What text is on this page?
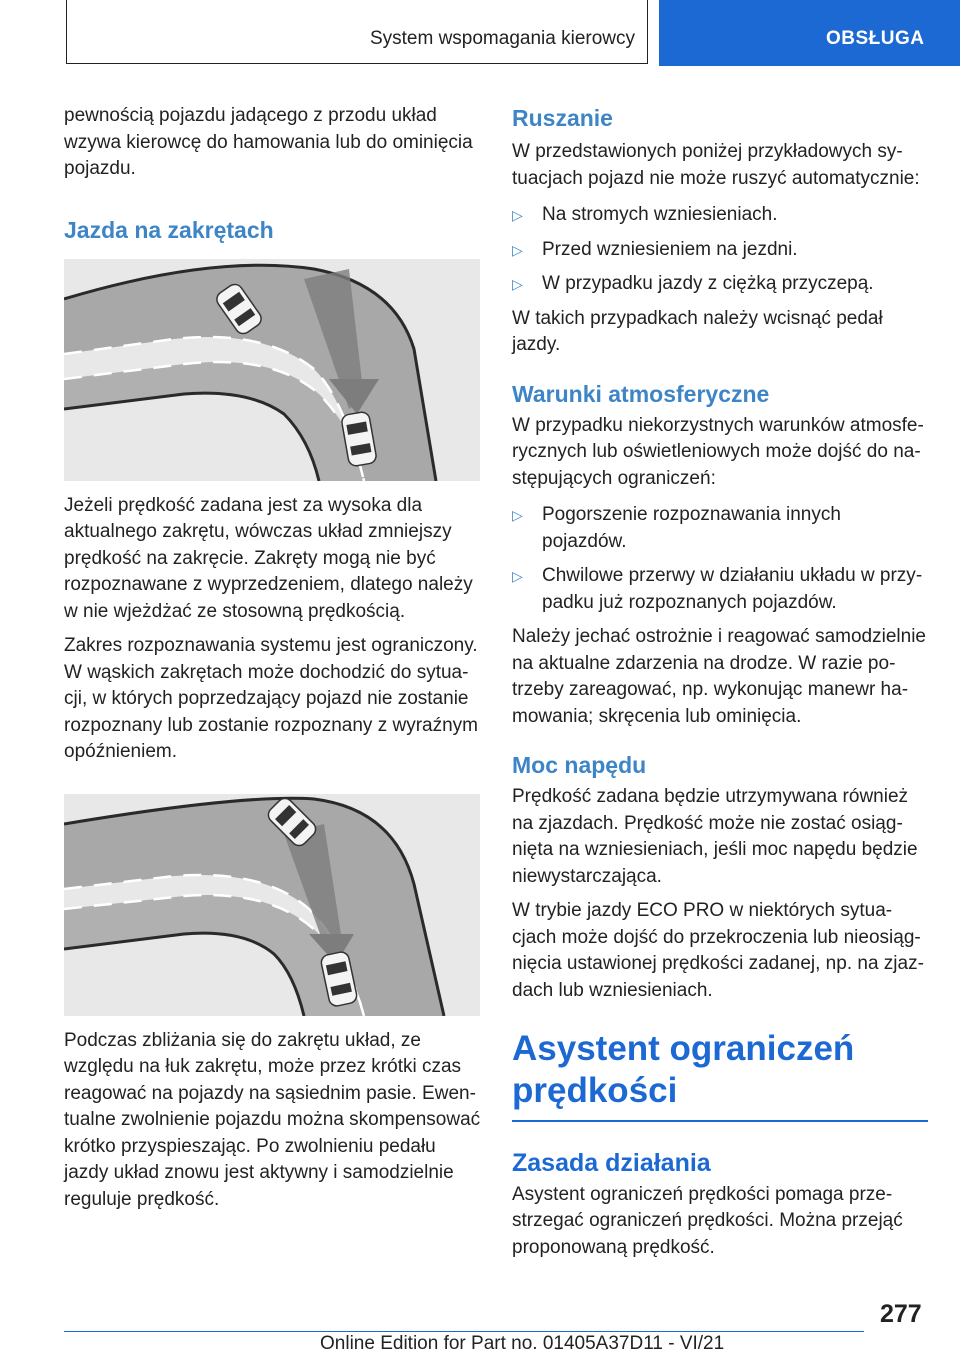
System wspomagania kierowcy	OBSŁUGA

pewnością pojazdu jadącego z przodu układ wzywa kierowcę do hamowania lub do ominięcia pojazdu.

Jazda na zakrętach

Jeżeli prędkość zadana jest za wysoka dla aktualnego zakrętu, wówczas układ zmniejszy prędkość na zakręcie. Zakręty mogą nie być rozpoznawane z wyprzedzeniem, dlatego należy w nie wjeżdżać ze stosowną prędkością.

Zakres rozpoznawania systemu jest ograniczony. W wąskich zakrętach może dochodzić do sytuacji, w których poprzedzający pojazd nie zostanie rozpoznany lub zostanie rozpoznany z wyraźnym opóźnieniem.

Podczas zbliżania się do zakrętu układ, ze względu na łuk zakrętu, może przez krótki czas reagować na pojazdy na sąsiednim pasie. Ewentualne zwolnienie pojazdu można skompensować krótko przyspieszając. Po zwolnieniu pedału jazdy układ znowu jest aktywny i samodzielnie reguluje prędkość.

Ruszanie

W przedstawionych poniżej przykładowych sytuacjach pojazd nie może ruszyć automatycznie:

▷ Na stromych wzniesieniach.
▷ Przed wzniesieniem na jezdni.
▷ W przypadku jazdy z ciężką przyczepą.

W takich przypadkach należy wcisnąć pedał jazdy.

Warunki atmosferyczne

W przypadku niekorzystnych warunków atmosferycznych lub oświetleniowych może dojść do następujących ograniczeń:

▷ Pogorszenie rozpoznawania innych pojazdów.
▷ Chwilowe przerwy w działaniu układu w przypadku już rozpoznanych pojazdów.

Należy jechać ostrożnie i reagować samodzielnie na aktualne zdarzenia na drodze. W razie potrzeby zareagować, np. wykonując manewr hamowania; skręcenia lub ominięcia.

Moc napędu

Prędkość zadana będzie utrzymywana również na zjazdach. Prędkość może nie zostać osiągnięta na wzniesieniach, jeśli moc napędu będzie niewystarczająca.

W trybie jazdy ECO PRO w niektórych sytuacjach może dojść do przekroczenia lub nieosiągnięcia ustawionej prędkości zadanej, np. na zjazdach lub wzniesieniach.

Asystent ograniczeń prędkości
Zasada działania

Asystent ograniczeń prędkości pomaga przestrzegać ograniczeń prędkości. Można przejąć proponowaną prędkość.

277
Online Edition for Part no. 01405A37D11 - VI/21
